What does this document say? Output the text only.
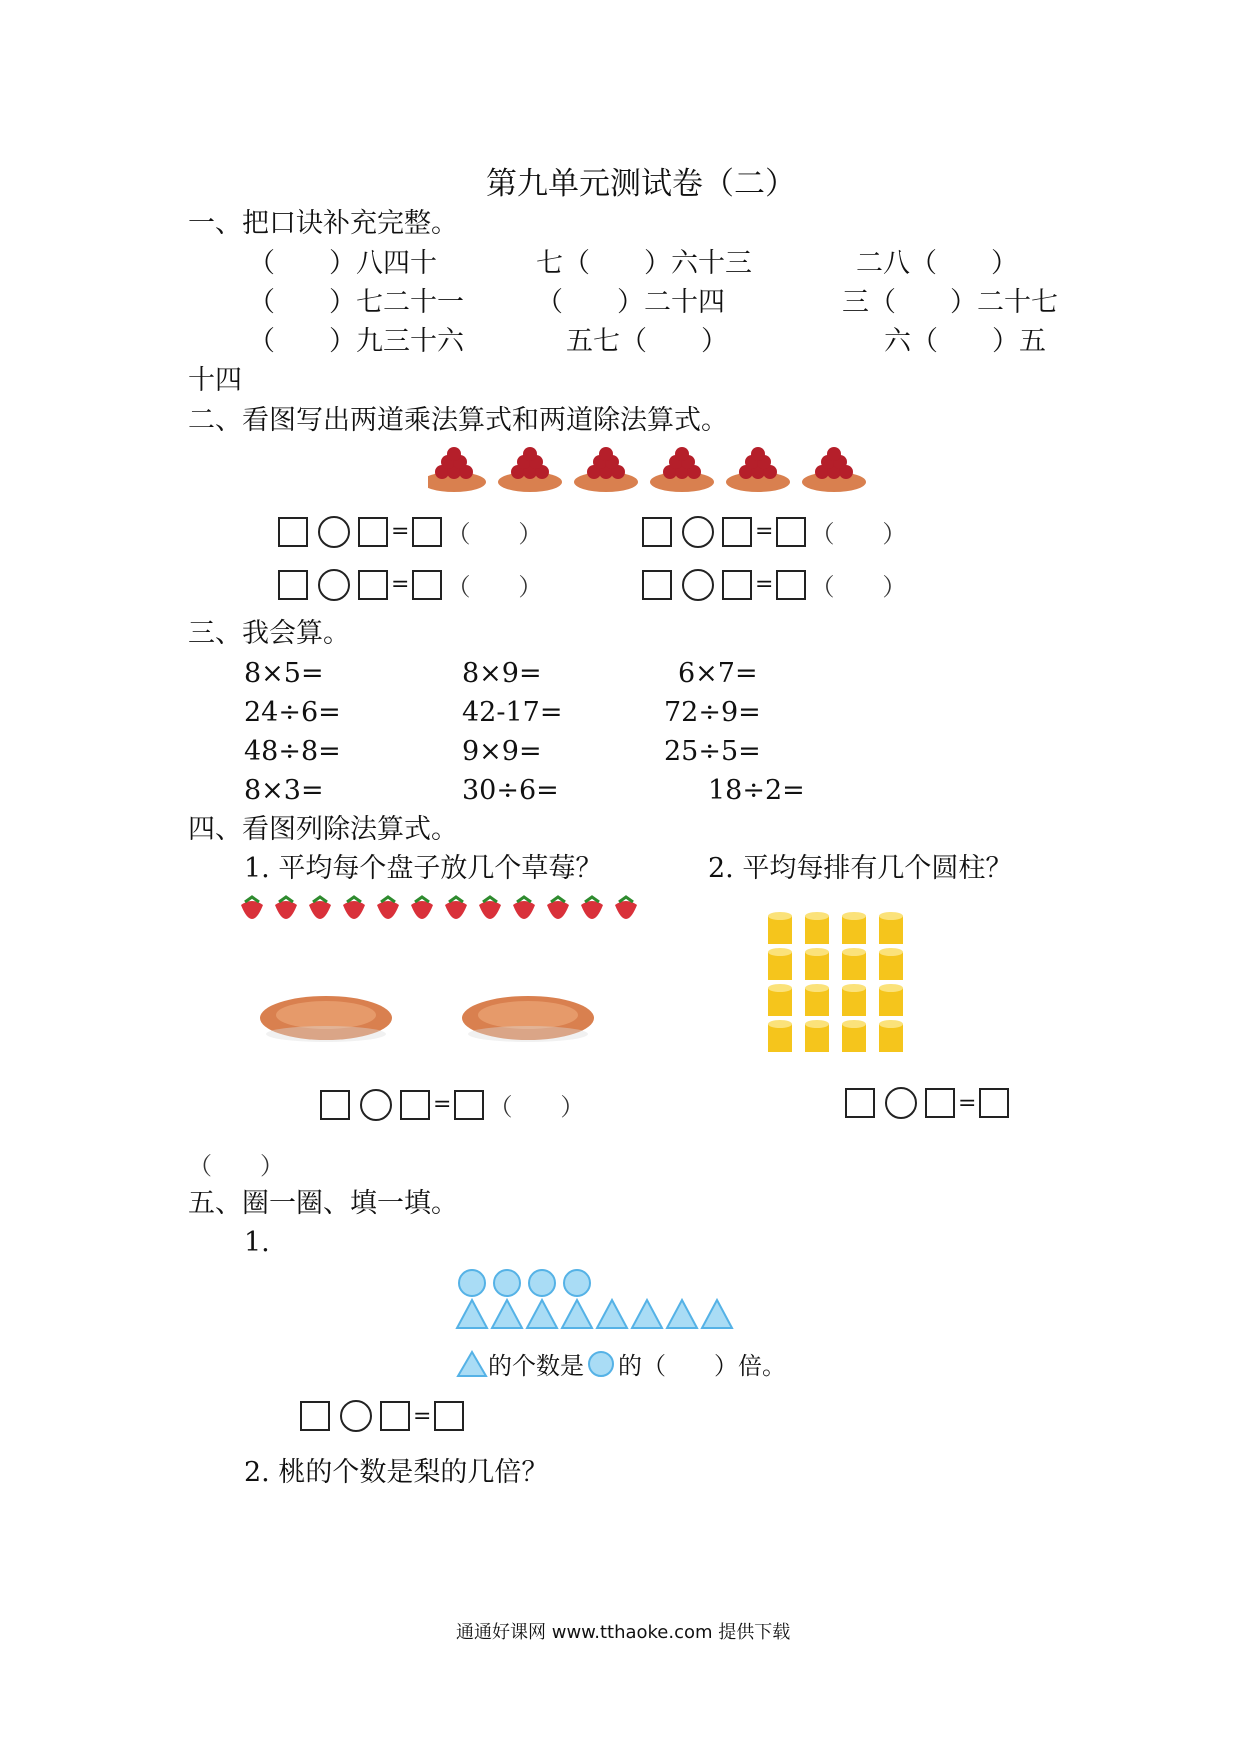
第九单元测试卷（二）
一、把口诀补充完整。
（　　）八四十	七（　　）六十三	二八（　　）
（　　）七二十一	（　　）二十四	三（　　）二十七
（　　）九三十六	五七（　　）	六（　　）五
十四
二、看图写出两道乘法算式和两道除法算式。
= （　　）	= （　　）
= （　　）	= （　　）
三、我会算。
8×5=	8×9=	6×7=
24÷6=	42-17=	72÷9=
48÷8=	9×9=	25÷5=
8×3=	30÷6=	18÷2=
四、看图列除法算式。
1. 平均每个盘子放几个草莓？	2. 平均每排有几个圆柱？
= （　　）	=
（　　）
五、圈一圈、填一填。
1.
的个数是 的（　　）倍。
=
2. 桃的个数是梨的几倍？
通通好课网 www.tthaoke.com 提供下载
